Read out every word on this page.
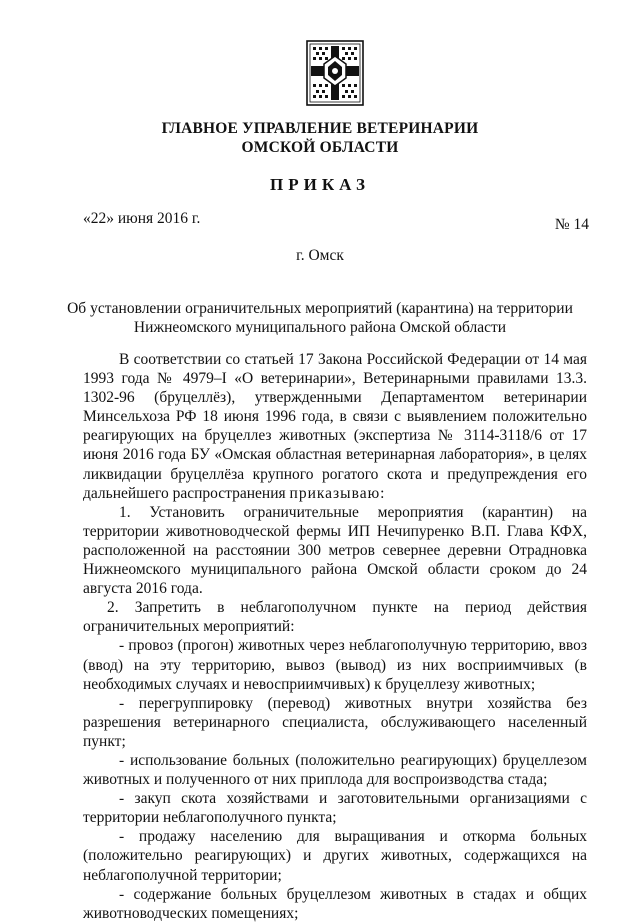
ГЛАВНОЕ УПРАВЛЕНИЕ ВЕТЕРИНАРИИ
ОМСКОЙ ОБЛАСТИ
ПРИКАЗ
«22» июня 2016 г.	№ 14
г. Омск
Об установлении ограничительных мероприятий (карантина) на территории
Нижнеомского муниципального района Омской области

В соответствии со статьей 17 Закона Российской Федерации от 14 мая 1993 года № 4979–I «О ветеринарии», Ветеринарными правилами 13.3. 1302-96 (бруцеллёз), утвержденными Департаментом ветеринарии Минсельхоза РФ 18 июня 1996 года, в связи с выявлением положительно реагирующих на бруцеллез животных (экспертиза № 3114-3118/6 от 17 июня 2016 года БУ «Омская областная ветеринарная лаборатория», в целях ликвидации бруцеллёза крупного рогатого скота и предупреждения его дальнейшего распространения приказываю:

1. Установить ограничительные мероприятия (карантин) на территории животноводческой фермы ИП Нечипуренко В.П. Глава КФХ, расположенной на расстоянии 300 метров севернее деревни Отрадновка Нижнеомского муниципального района Омской области сроком до 24 августа 2016 года.

2. Запретить в неблагополучном пункте на период действия ограничительных мероприятий:

- провоз (прогон) животных через неблагополучную территорию, ввоз (ввод) на эту территорию, вывоз (вывод) из них восприимчивых (в необходимых случаях и невосприимчивых) к бруцеллезу животных;

- перегруппировку (перевод) животных внутри хозяйства без разрешения ветеринарного специалиста, обслуживающего населенный пункт;

- использование больных (положительно реагирующих) бруцеллезом животных и полученного от них приплода для воспроизводства стада;

- закуп скота хозяйствами и заготовительными организациями с территории неблагополучного пункта;

- продажу населению для выращивания и откорма больных (положительно реагирующих) и других животных, содержащихся на неблагополучной территории;

- содержание больных бруцеллезом животных в стадах и общих животноводческих помещениях;
